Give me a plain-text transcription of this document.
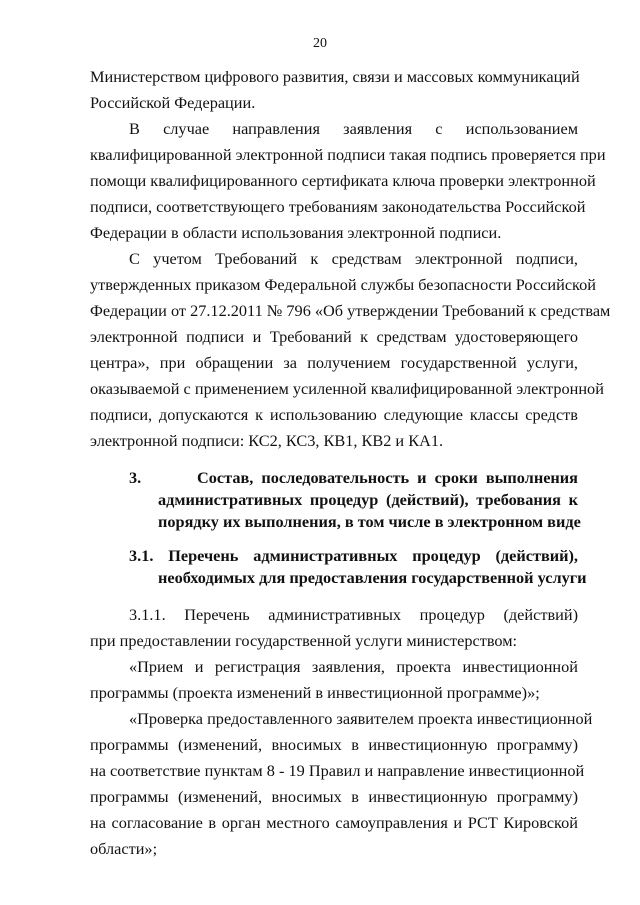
20
Министерством цифрового развития, связи и массовых коммуникаций
Российской Федерации.
В случае направления заявления с использованием
квалифицированной электронной подписи такая подпись проверяется при
помощи квалифицированного сертификата ключа проверки электронной
подписи, соответствующего требованиям законодательства Российской
Федерации в области использования электронной подписи.
С учетом Требований к средствам электронной подписи,
утвержденных приказом Федеральной службы безопасности Российской
Федерации от 27.12.2011 № 796 «Об утверждении Требований к средствам
электронной подписи и Требований к средствам удостоверяющего
центра», при обращении за получением государственной услуги,
оказываемой с применением усиленной квалифицированной электронной
подписи, допускаются к использованию следующие классы средств
электронной подписи: КС2, КС3, КВ1, КВ2 и КА1.
3.	Состав, последовательность и сроки выполнения
административных процедур (действий), требования к
порядку их выполнения, в том числе в электронном виде
3.1. Перечень административных процедур (действий),
необходимых для предоставления государственной услуги
3.1.1. Перечень административных процедур (действий)
при предоставлении государственной услуги министерством:
«Прием и регистрация заявления, проекта инвестиционной
программы (проекта изменений в инвестиционной программе)»;
«Проверка предоставленного заявителем проекта инвестиционной
программы (изменений, вносимых в инвестиционную программу)
на соответствие пунктам 8 - 19 Правил и направление инвестиционной
программы (изменений, вносимых в инвестиционную программу)
на согласование в орган местного самоуправления и РСТ Кировской
области»;
